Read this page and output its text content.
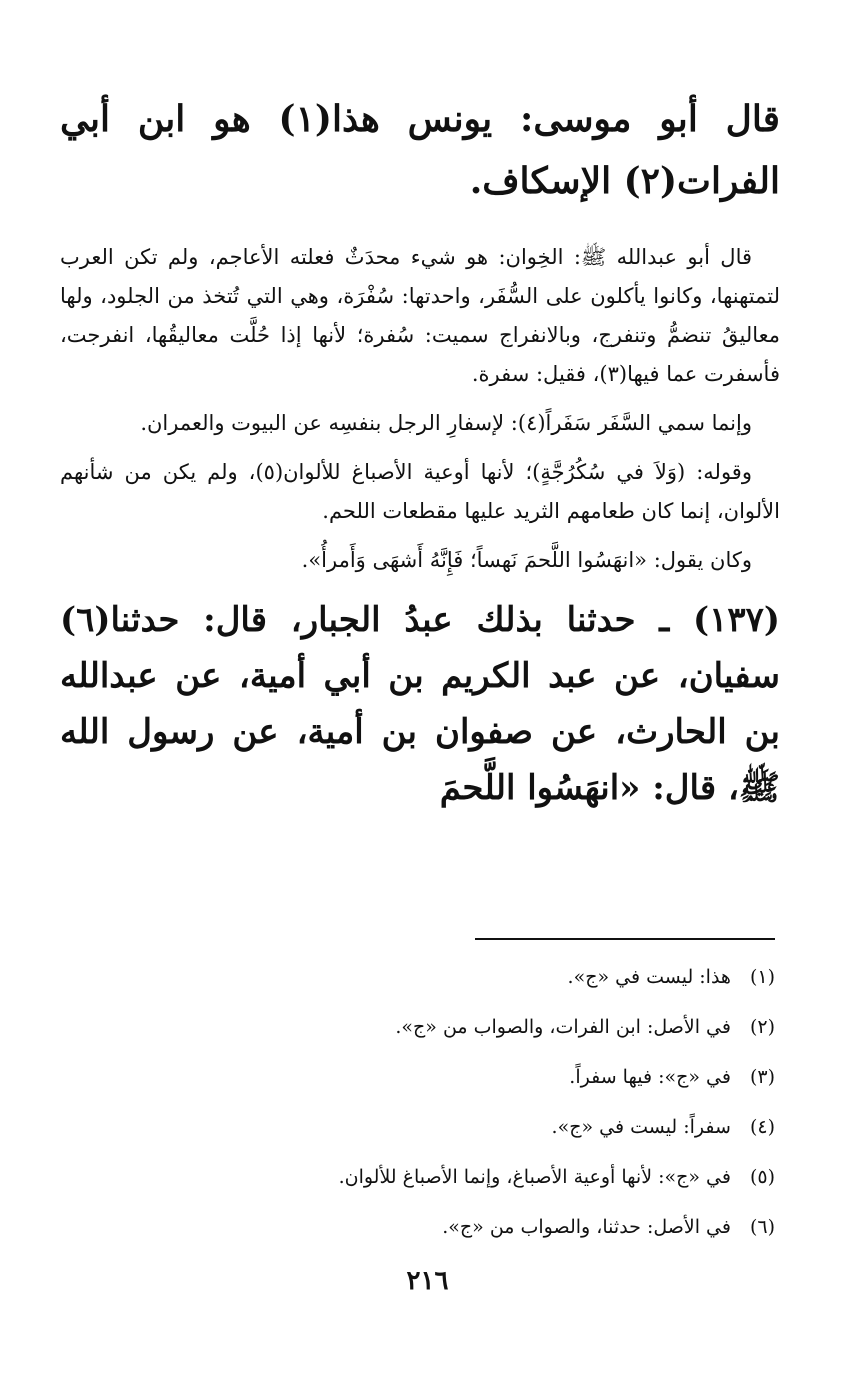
قال أبو موسى: يونس هذا(١) هو ابن أبي الفرات(٢) الإسكاف.

قال أبو عبدالله ﷺ: الخِوان: هو شيء محدَثٌ فعلته الأعاجم، ولم تكن العرب لتمتهنها، وكانوا يأكلون على السُّفَر، واحدتها: سُفْرَة، وهي التي تُتخذ من الجلود، ولها معاليقُ تنضمُّ وتنفرج، وبالانفراج سميت: سُفرة؛ لأنها إذا حُلَّت معاليقُها، انفرجت، فأسفرت عما فيها(٣)، فقيل: سفرة.

وإنما سمي السَّفَر سَفَراً(٤): لإسفارِ الرجل بنفسِه عن البيوت والعمران.

وقوله: (وَلاَ في سُكُرُجَّةٍ)؛ لأنها أوعية الأصباغ للألوان(٥)، ولم يكن من شأنهم الألوان، إنما كان طعامهم الثريد عليها مقطعات اللحم.

وكان يقول: «انهَسُوا اللَّحمَ نَهساً؛ فَإِنَّهُ أَشهَى وَأَمرأُ».

(١٣٧) ـ حدثنا بذلك عبدُ الجبار، قال: حدثنا(٦) سفيان، عن عبد الكريم بن أبي أمية، عن عبدالله بن الحارث، عن صفوان بن أمية، عن رسول الله ﷺ، قال: «انهَسُوا اللَّحمَ

(١) هذا: ليست في «ج».

(٢) في الأصل: ابن الفرات، والصواب من «ج».

(٣) في «ج»: فيها سفراً.

(٤) سفراً: ليست في «ج».

(٥) في «ج»: لأنها أوعية الأصباغ، وإنما الأصباغ للألوان.

(٦) في الأصل: حدثنا، والصواب من «ج».

٢١٦
